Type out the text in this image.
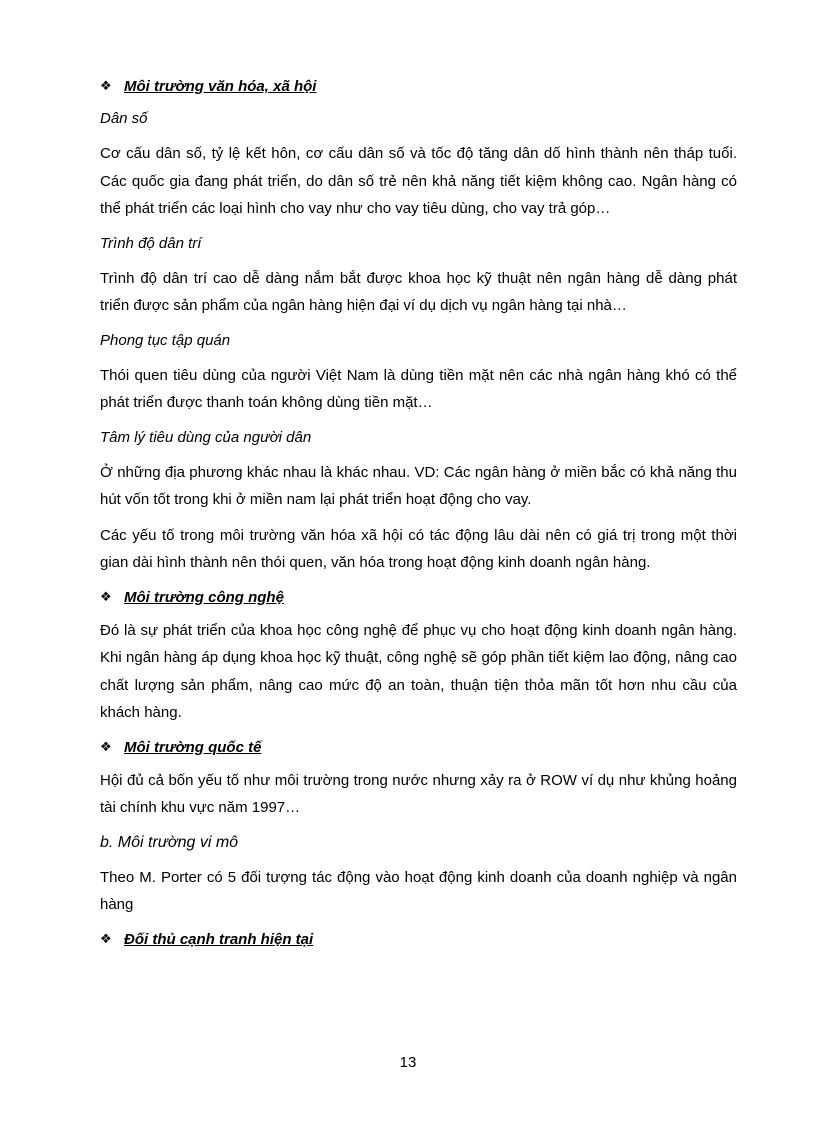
❖ Môi trường văn hóa, xã hội
Dân số
Cơ cấu dân số, tỷ lệ kết hôn, cơ cấu dân số và tốc độ tăng dân dố hình thành nên tháp tuổi. Các quốc gia đang phát triển, do dân số trẻ nên khả năng tiết kiệm không cao. Ngân hàng có thể phát triển các loại hình cho vay như cho vay tiêu dùng, cho vay trả góp…
Trình độ dân trí
Trình độ dân trí cao dễ dàng nắm bắt được khoa học kỹ thuật nên ngân hàng dễ dàng phát triển được sản phẩm của ngân hàng hiện đại ví dụ dịch vụ ngân hàng tại nhà…
Phong tục tập quán
Thói quen tiêu dùng của người Việt Nam là dùng tiền mặt nên các nhà ngân hàng khó có thể phát triển được thanh toán không dùng tiền mặt…
Tâm lý tiêu dùng của người dân
Ở những địa phương khác nhau là khác nhau. VD: Các ngân hàng ở miền bắc có khả năng thu hút vốn tốt trong khi ở miền nam lại phát triển hoạt động cho vay.
Các yếu tố trong môi trường văn hóa xã hội có tác động lâu dài nên có giá trị trong một thời gian dài hình thành nên thói quen, văn hóa trong hoạt động kinh doanh ngân hàng.
❖ Môi trường công nghệ
Đó là sự phát triển của khoa học công nghệ để phục vụ cho hoạt động kinh doanh ngân hàng. Khi ngân hàng áp dụng khoa học kỹ thuật, công nghệ sẽ góp phần tiết kiệm lao động, nâng cao chất lượng sản phẩm, nâng cao mức độ an toàn, thuận tiện thỏa mãn tốt hơn nhu cầu của khách hàng.
❖ Môi trường quốc tế
Hội đủ cả bốn yếu tố như môi trường trong nước nhưng xảy ra ở ROW ví dụ như khủng hoảng tài chính khu vực năm 1997…
b. Môi trường vi mô
Theo M. Porter có 5 đối tượng tác động vào hoạt động kinh doanh của doanh nghiệp và ngân hàng
❖ Đối thủ cạnh tranh hiện tại
13
